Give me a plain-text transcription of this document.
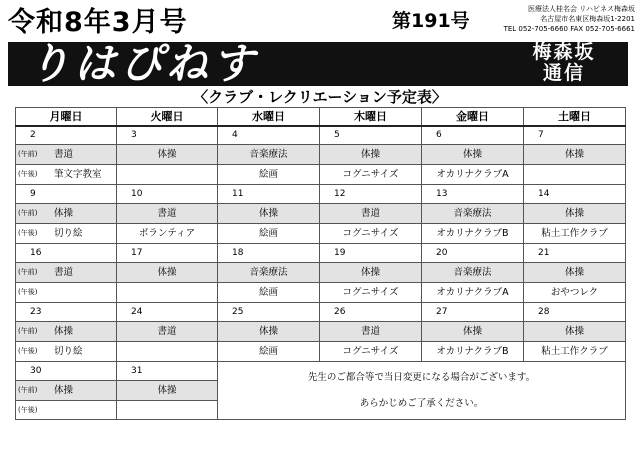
令和8年3月号	第191号
医療法人桂名会 リハビネス梅森坂
名古屋市名東区梅森坂1-2201
TEL 052-705-6660 FAX 052-705-6661
りはぴねす	梅森坂
通信
〈クラブ・レクリエーション予定表〉
月曜日	火曜日	水曜日	木曜日	金曜日	土曜日
2	3	4	5	6	7

(午前) 書道	体操	音楽療法	体操	体操	体操

(午後) 筆文字教室		絵画	コグニサイズ	オカリナクラブA	

9	10	11	12	13	14

(午前) 体操	書道	体操	書道	音楽療法	体操

(午後) 切り絵	ボランティア	絵画	コグニサイズ	オカリナクラブB	粘土工作クラブ

16	17	18	19	20	21

(午前) 書道	体操	音楽療法	体操	音楽療法	体操

(午後)		絵画	コグニサイズ	オカリナクラブA	おやつレク

23	24	25	26	27	28

(午前) 体操	書道	体操	書道	体操	体操

(午後) 切り絵		絵画	コグニサイズ	オカリナクラブB	粘土工作クラブ

30	31	先生のご都合等で当日変更になる場合がございます。
あらかじめご了承ください。			

(午前) 体操	体操				

(午後)					
